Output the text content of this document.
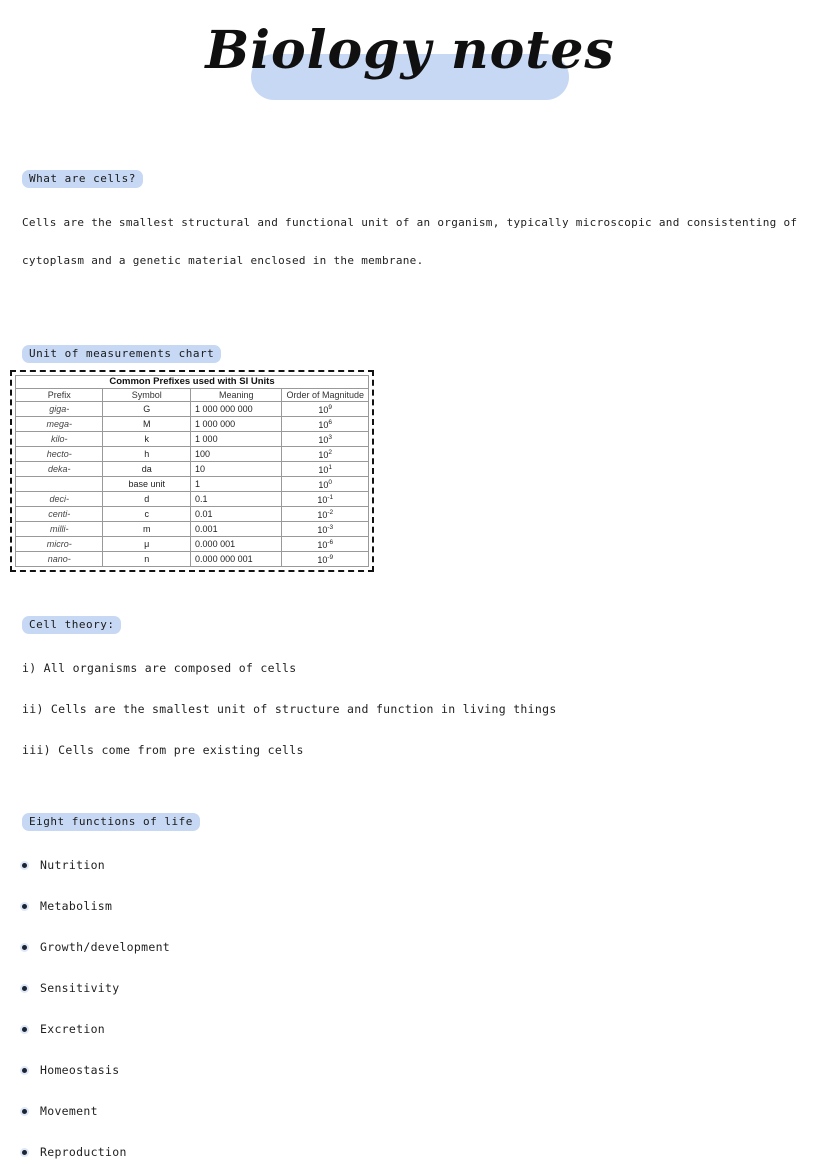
Biology notes
What are cells?

Cells are the smallest structural and functional unit of an organism, typically microscopic and consistenting of cytoplasm and a genetic material enclosed in the membrane.

Unit of measurements chart
Common Prefixes used with SI Units			
Prefix	Symbol	Meaning	Order of Magnitude
giga-	G	1 000 000 000	$10^9$
mega-	M	1 000 000	$10^6$
kilo-	k	1 000	$10^3$
hecto-	h	100	$10^2$
deka-	da	10	$10^1$
	base unit	1	$10^0$
deci-	d	0.1	$10^{-1}$
centi-	c	0.01	$10^{-2}$
milli-	m	0.001	$10^{-3}$
micro-	μ	0.000 001	$10^{-6}$
nano-	n	0.000 000 001	$10^{-9}$
Cell theory:
i) All organisms are composed of cells
ii) Cells are the smallest unit of structure and function in living things
iii) Cells come from pre existing cells
Eight functions of life
Nutrition
Metabolism
Growth/development
Sensitivity
Excretion
Homeostasis
Movement
Reproduction
